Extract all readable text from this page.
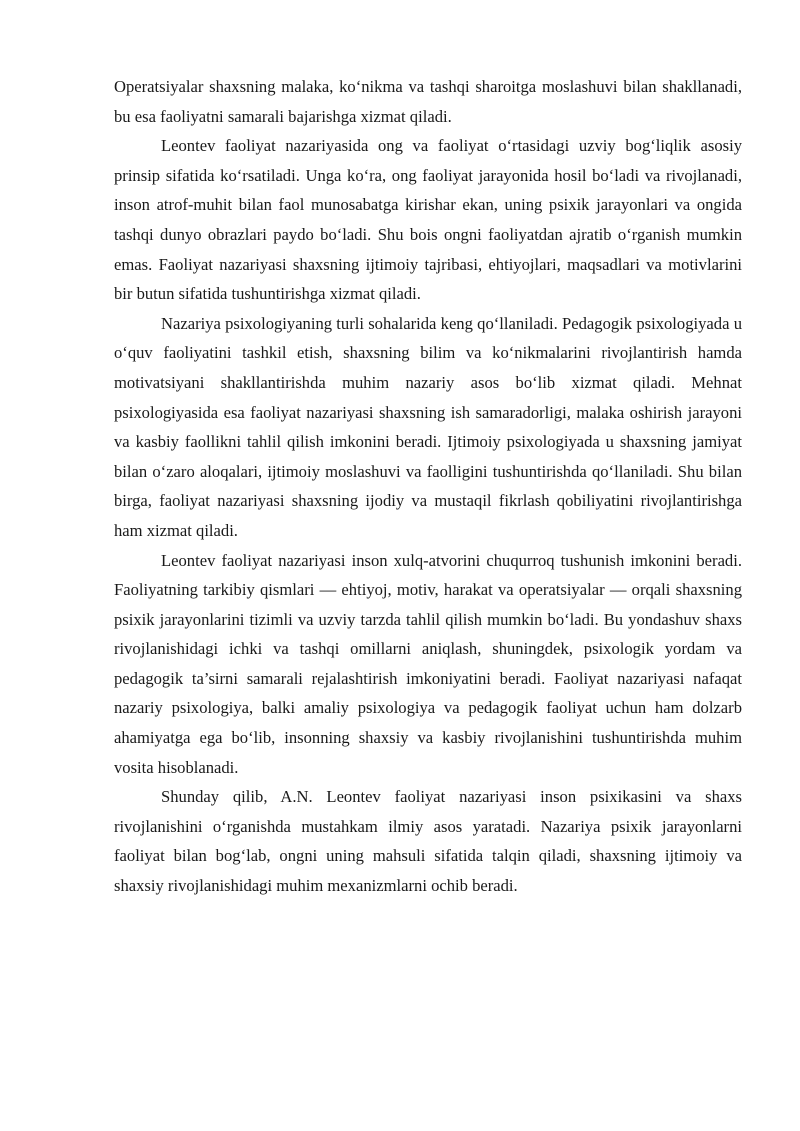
Operatsiyalar shaxsning malaka, ko‘nikma va tashqi sharoitga moslashuvi bilan shakllanadi, bu esa faoliyatni samarali bajarishga xizmat qiladi.

Leontev faoliyat nazariyasida ong va faoliyat o‘rtasidagi uzviy bog‘liqlik asosiy prinsip sifatida ko‘rsatiladi. Unga ko‘ra, ong faoliyat jarayonida hosil bo‘ladi va rivojlanadi, inson atrof-muhit bilan faol munosabatga kirishar ekan, uning psixik jarayonlari va ongida tashqi dunyo obrazlari paydo bo‘ladi. Shu bois ongni faoliyatdan ajratib o‘rganish mumkin emas. Faoliyat nazariyasi shaxsning ijtimoiy tajribasi, ehtiyojlari, maqsadlari va motivlarini bir butun sifatida tushuntirishga xizmat qiladi.

Nazariya psixologiyaning turli sohalarida keng qo‘llaniladi. Pedagogik psixologiyada u o‘quv faoliyatini tashkil etish, shaxsning bilim va ko‘nikmalarini rivojlantirish hamda motivatsiyani shakllantirishda muhim nazariy asos bo‘lib xizmat qiladi. Mehnat psixologiyasida esa faoliyat nazariyasi shaxsning ish samaradorligi, malaka oshirish jarayoni va kasbiy faollikni tahlil qilish imkonini beradi. Ijtimoiy psixologiyada u shaxsning jamiyat bilan o‘zaro aloqalari, ijtimoiy moslashuvi va faolligini tushuntirishda qo‘llaniladi. Shu bilan birga, faoliyat nazariyasi shaxsning ijodiy va mustaqil fikrlash qobiliyatini rivojlantirishga ham xizmat qiladi.

Leontev faoliyat nazariyasi inson xulq-atvorini chuqurroq tushunish imkonini beradi. Faoliyatning tarkibiy qismlari — ehtiyoj, motiv, harakat va operatsiyalar — orqali shaxsning psixik jarayonlarini tizimli va uzviy tarzda tahlil qilish mumkin bo‘ladi. Bu yondashuv shaxs rivojlanishidagi ichki va tashqi omillarni aniqlash, shuningdek, psixologik yordam va pedagogik ta’sirni samarali rejalashtirish imkoniyatini beradi. Faoliyat nazariyasi nafaqat nazariy psixologiya, balki amaliy psixologiya va pedagogik faoliyat uchun ham dolzarb ahamiyatga ega bo‘lib, insonning shaxsiy va kasbiy rivojlanishini tushuntirishda muhim vosita hisoblanadi.

Shunday qilib, A.N. Leontev faoliyat nazariyasi inson psixikasini va shaxs rivojlanishini o‘rganishda mustahkam ilmiy asos yaratadi. Nazariya psixik jarayonlarni faoliyat bilan bog‘lab, ongni uning mahsuli sifatida talqin qiladi, shaxsning ijtimoiy va shaxsiy rivojlanishidagi muhim mexanizmlarni ochib beradi.
